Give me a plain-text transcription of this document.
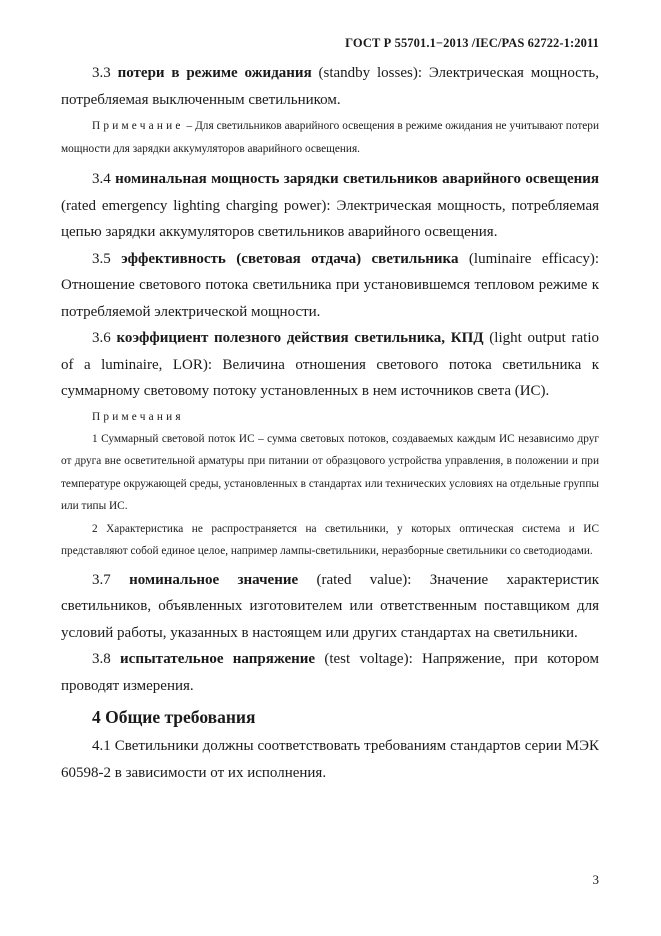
ГОСТ Р 55701.1−2013 /IEC/PAS 62722-1:2011

3.3 потери в режиме ожидания (standby losses): Электрическая мощность, потребляемая выключенным светильником.

Примечание – Для светильников аварийного освещения в режиме ожидания не учитывают потери мощности для зарядки аккумуляторов аварийного освещения.

3.4 номинальная мощность зарядки светильников аварийного освещения (rated emergency lighting charging power): Электрическая мощность, потребляемая цепью зарядки аккумуляторов светильников аварийного освещения.

3.5 эффективность (световая отдача) светильника (luminaire efficacy): Отношение светового потока светильника при установившемся тепловом режиме к потребляемой электрической мощности.

3.6 коэффициент полезного действия светильника, КПД (light output ratio of a luminaire, LOR): Величина отношения светового потока светильника к суммарному световому потоку установленных в нем источников света (ИС).

Примечания

1 Суммарный световой поток ИС – сумма световых потоков, создаваемых каждым ИС независимо друг от друга вне осветительной арматуры при питании от образцового устройства управления, в положении и при температуре окружающей среды, установленных в стандартах или технических условиях на отдельные группы или типы ИС.

2 Характеристика не распространяется на светильники, у которых оптическая система и ИС представляют собой единое целое, например лампы-светильники, неразборные светильники со светодиодами.

3.7 номинальное значение (rated value): Значение характеристик светильников, объявленных изготовителем или ответственным поставщиком для условий работы, указанных в настоящем или других стандартах на светильники.

3.8 испытательное напряжение (test voltage): Напряжение, при котором проводят измерения.

4 Общие требования

4.1 Светильники должны соответствовать требованиям стандартов серии МЭК 60598-2 в зависимости от их исполнения.

3
